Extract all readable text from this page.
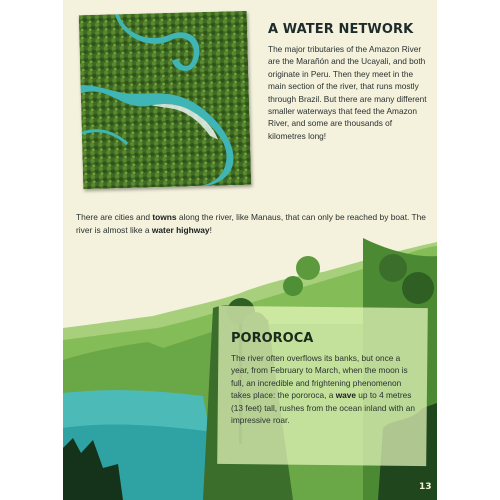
A WATER NETWORK

The major tributaries of the Amazon River are the Marañón and the Ucayali, and both originate in Peru. Then they meet in the main section of the river, that runs mostly through Brazil. But there are many different smaller waterways that feed the Amazon River, and some are thousands of kilometres long!

There are cities and towns along the river, like Manaus, that can only be reached by boat. The river is almost like a water highway!

POROROCA

The river often overflows its banks, but once a year, from February to March, when the moon is full, an incredible and frightening phenomenon takes place: the pororoca, a wave up to 4 metres (13 feet) tall, rushes from the ocean inland with an impressive roar.

13
